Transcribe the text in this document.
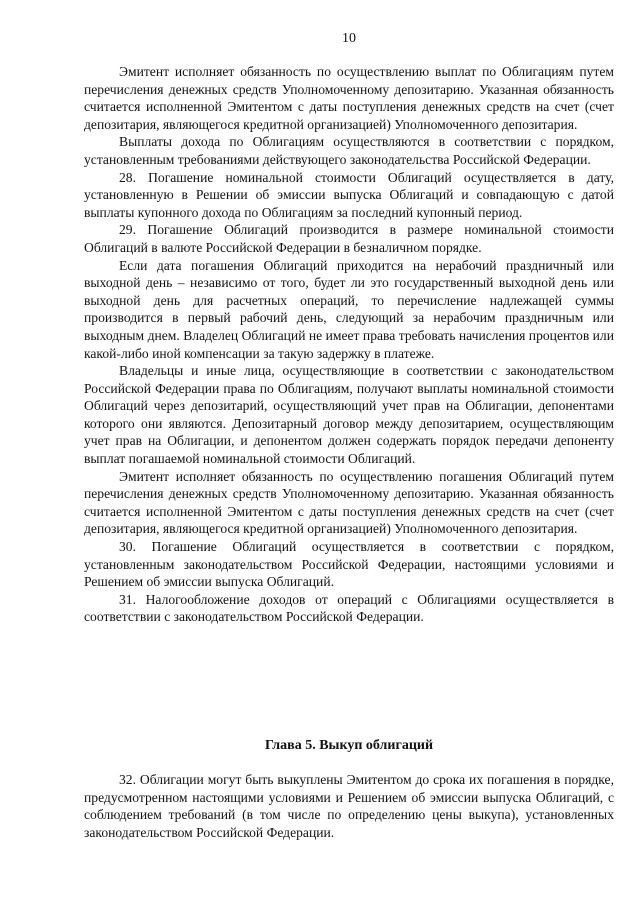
10

Эмитент исполняет обязанность по осуществлению выплат по Облигациям путем перечисления денежных средств Уполномоченному депозитарию. Указанная обязанность считается исполненной Эмитентом с даты поступления денежных средств на счет (счет депозитария, являющегося кредитной организацией) Уполномоченного депозитария.

Выплаты дохода по Облигациям осуществляются в соответствии с порядком, установленным требованиями действующего законодательства Российской Федерации.

28. Погашение номинальной стоимости Облигаций осуществляется в дату, установленную в Решении об эмиссии выпуска Облигаций и совпадающую с датой выплаты купонного дохода по Облигациям за последний купонный период.

29. Погашение Облигаций производится в размере номинальной стоимости Облигаций в валюте Российской Федерации в безналичном порядке.

Если дата погашения Облигаций приходится на нерабочий праздничный или выходной день – независимо от того, будет ли это государственный выходной день или выходной день для расчетных операций, то перечисление надлежащей суммы производится в первый рабочий день, следующий за нерабочим праздничным или выходным днем. Владелец Облигаций не имеет права требовать начисления процентов или какой-либо иной компенсации за такую задержку в платеже.

Владельцы и иные лица, осуществляющие в соответствии с законодательством Российской Федерации права по Облигациям, получают выплаты номинальной стоимости Облигаций через депозитарий, осуществляющий учет прав на Облигации, депонентами которого они являются. Депозитарный договор между депозитарием, осуществляющим учет прав на Облигации, и депонентом должен содержать порядок передачи депоненту выплат погашаемой номинальной стоимости Облигаций.

Эмитент исполняет обязанность по осуществлению погашения Облигаций путем перечисления денежных средств Уполномоченному депозитарию. Указанная обязанность считается исполненной Эмитентом с даты поступления денежных средств на счет (счет депозитария, являющегося кредитной организацией) Уполномоченного депозитария.

30. Погашение Облигаций осуществляется в соответствии с порядком, установленным законодательством Российской Федерации, настоящими условиями и Решением об эмиссии выпуска Облигаций.

31. Налогообложение доходов от операций с Облигациями осуществляется в соответствии с законодательством Российской Федерации.

Глава 5. Выкуп облигаций

32. Облигации могут быть выкуплены Эмитентом до срока их погашения в порядке, предусмотренном настоящими условиями и Решением об эмиссии выпуска Облигаций, с соблюдением требований (в том числе по определению цены выкупа), установленных законодательством Российской Федерации.
